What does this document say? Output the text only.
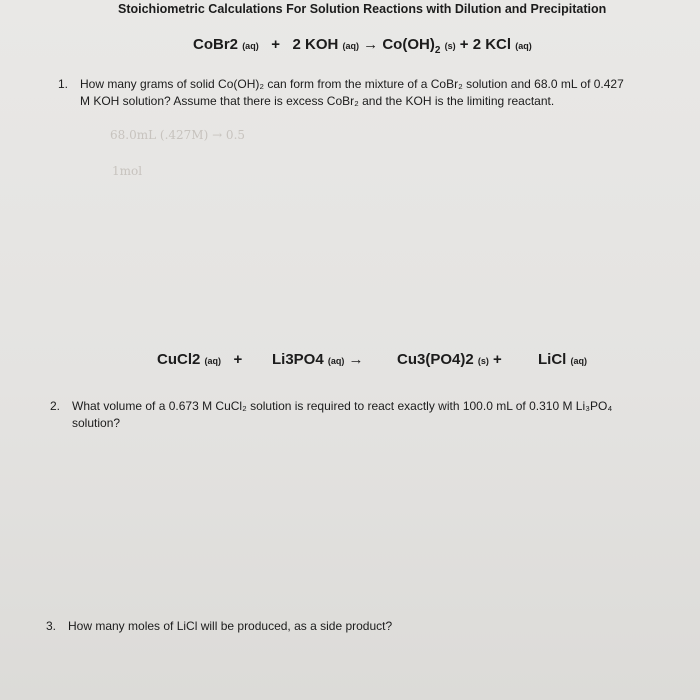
Stoichiometric Calculations For Solution Reactions with Dilution and Precipitation
CoBr2 (aq) + 2 KOH $(aq) \to Co(OH)_2$ (s) + 2 KCl (aq)
1. How many grams of solid Co(OH)₂ can form from the mixture of a CoBr₂ solution and 68.0 mL of 0.427
M KOH solution? Assume that there is excess CoBr₂ and the KOH is the limiting reactant.
68.0mL (.427M) → 0.5
1mol
CuCl2 (aq) + Li3PO4 (aq) → Cu3(PO4)2 (s) + LiCl (aq)
2. What volume of a 0.673 M CuCl₂ solution is required to react exactly with 100.0 mL of 0.310 M Li₃PO₄
solution?
3. How many moles of LiCl will be produced, as a side product?
